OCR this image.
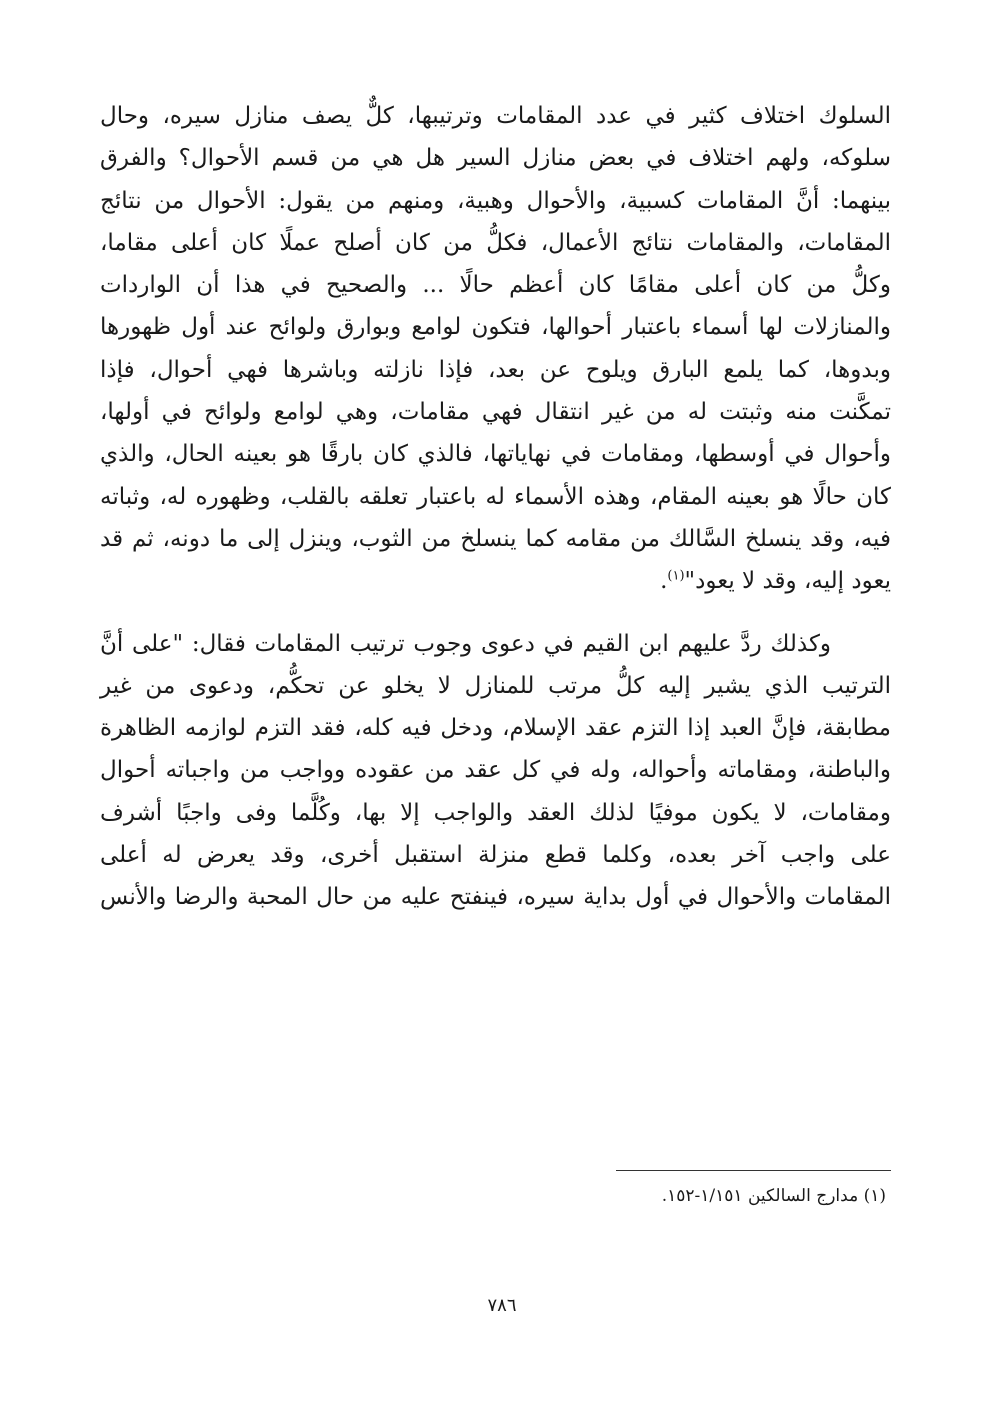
السلوك اختلاف كثير في عدد المقامات وترتيبها، كلٌّ يصف منازل سيره، وحال
سلوكه، ولهم اختلاف في بعض منازل السير هل هي من قسم الأحوال؟ والفرق
بينهما: أنَّ المقامات كسبية، والأحوال وهبية، ومنهم من يقول: الأحوال من نتائج
المقامات، والمقامات نتائج الأعمال، فكلُّ من كان أصلح عملًا كان أعلى مقاما،
وكلُّ من كان أعلى مقامًا كان أعظم حالًا ... والصحيح في هذا أن الواردات
والمنازلات لها أسماء باعتبار أحوالها، فتكون لوامع وبوارق ولوائح عند أول ظهورها
وبدوها، كما يلمع البارق ويلوح عن بعد، فإذا نازلته وباشرها فهي أحوال، فإذا
تمكَّنت منه وثبتت له من غير انتقال فهي مقامات، وهي لوامع ولوائح في أولها،
وأحوال في أوسطها، ومقامات في نهاياتها، فالذي كان بارقًا هو بعينه الحال، والذي
كان حالًا هو بعينه المقام، وهذه الأسماء له باعتبار تعلقه بالقلب، وظهوره له، وثباته
فيه، وقد ينسلخ السَّالك من مقامه كما ينسلخ من الثوب، وينزل إلى ما دونه، ثم قد
يعود إليه، وقد لا يعود"$^{(١)}$.
وكذلك ردَّ عليهم ابن القيم في دعوى وجوب ترتيب المقامات فقال: "على أنَّ
الترتيب الذي يشير إليه كلُّ مرتب للمنازل لا يخلو عن تحكُّم، ودعوى من غير
مطابقة، فإنَّ العبد إذا التزم عقد الإسلام، ودخل فيه كله، فقد التزم لوازمه الظاهرة
والباطنة، ومقاماته وأحواله، وله في كل عقد من عقوده وواجب من واجباته أحوال
ومقامات، لا يكون موفيًا لذلك العقد والواجب إلا بها، وكُلَّما وفى واجبًا أشرف
على واجب آخر بعده، وكلما قطع منزلة استقبل أخرى، وقد يعرض له أعلى
المقامات والأحوال في أول بداية سيره، فينفتح عليه من حال المحبة والرضا والأنس
(١) مدارج السالكين ١/١٥١-١٥٢.
٧٨٦
